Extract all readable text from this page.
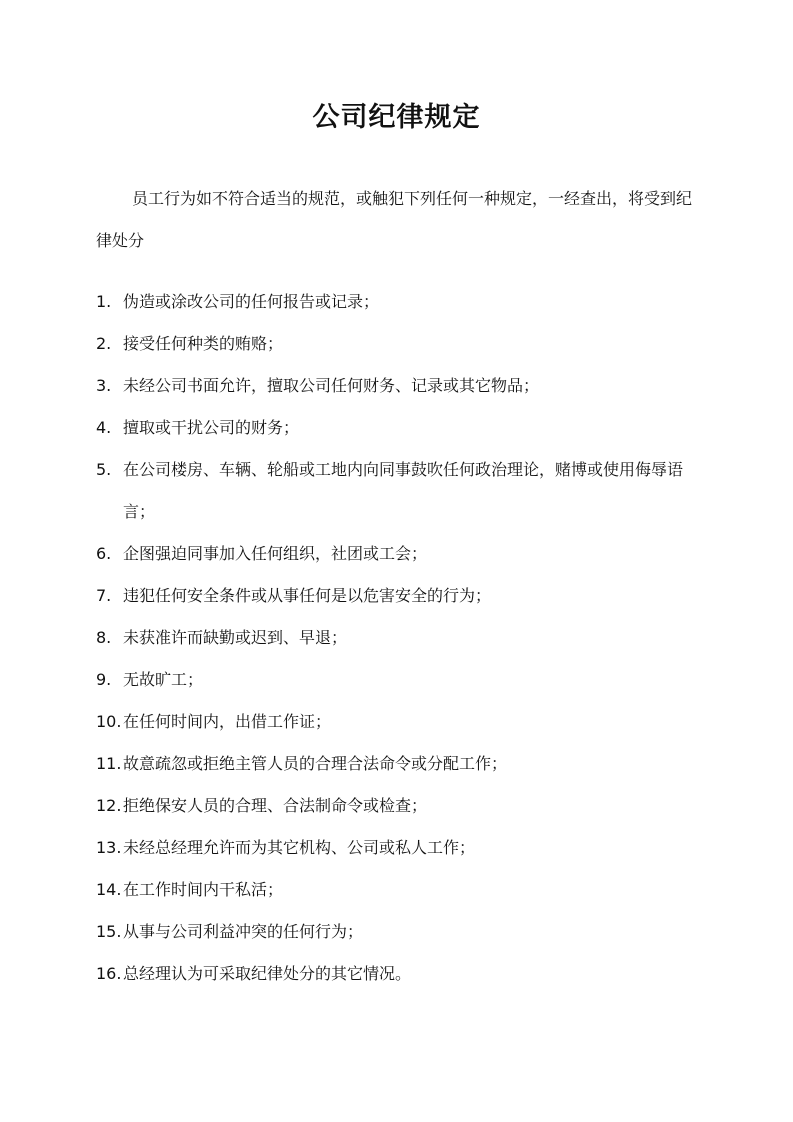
公司纪律规定

员工行为如不符合适当的规范，或触犯下列任何一种规定，一经查出，将受到纪律处分

1. 伪造或涂改公司的任何报告或记录；
2. 接受任何种类的贿赂；
3. 未经公司书面允许，擅取公司任何财务、记录或其它物品；
4. 擅取或干扰公司的财务；
5. 在公司楼房、车辆、轮船或工地内向同事鼓吹任何政治理论，赌博或使用侮辱语言；
6. 企图强迫同事加入任何组织，社团或工会；
7. 违犯任何安全条件或从事任何是以危害安全的行为；
8. 未获准许而缺勤或迟到、早退；
9. 无故旷工；
10. 在任何时间内，出借工作证；
11. 故意疏忽或拒绝主管人员的合理合法命令或分配工作；
12. 拒绝保安人员的合理、合法制命令或检查；
13. 未经总经理允许而为其它机构、公司或私人工作；
14. 在工作时间内干私活；
15. 从事与公司利益冲突的任何行为；
16. 总经理认为可采取纪律处分的其它情况。
